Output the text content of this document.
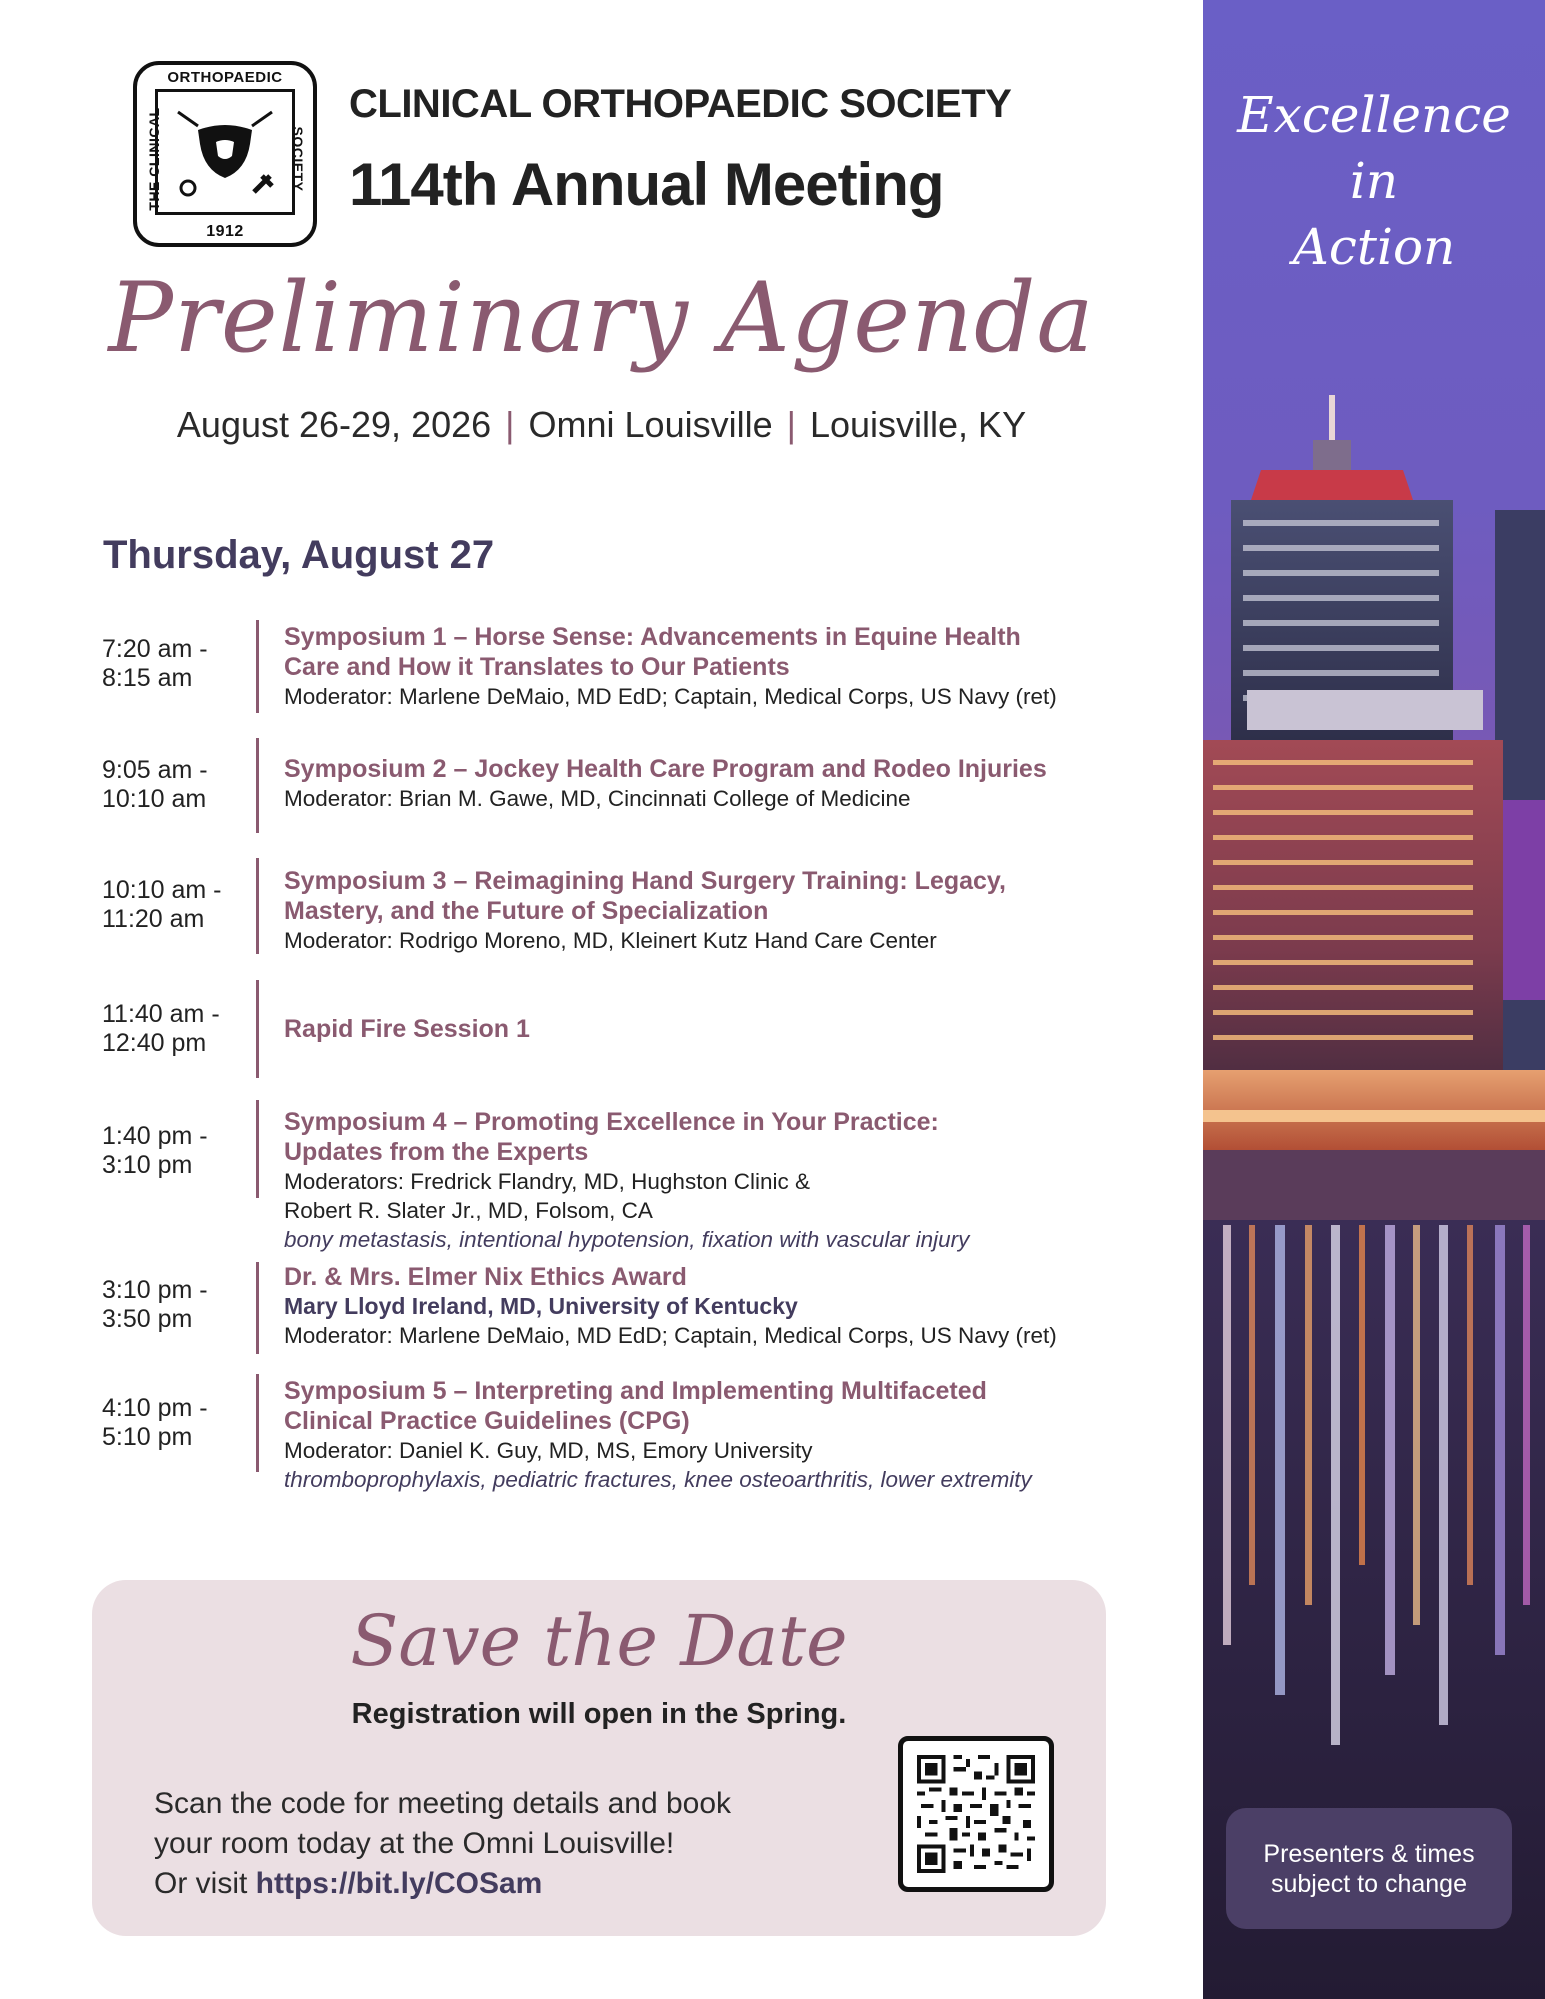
ORTHOPAEDIC
THE CLINICAL	SOCIETY
1912
CLINICAL ORTHOPAEDIC SOCIETY
114th Annual Meeting
Preliminary Agenda
August 26-29, 2026 | Omni Louisville | Louisville, KY
Thursday, August 27
7:20 am -
8:15 am
Symposium 1 – Horse Sense: Advancements in Equine Health
Care and How it Translates to Our Patients
Moderator: Marlene DeMaio, MD EdD; Captain, Medical Corps, US Navy (ret)
9:05 am -
10:10 am
Symposium 2 – Jockey Health Care Program and Rodeo Injuries
Moderator: Brian M. Gawe, MD, Cincinnati College of Medicine
10:10 am -
11:20 am
Symposium 3 – Reimagining Hand Surgery Training: Legacy,
Mastery, and the Future of Specialization
Moderator: Rodrigo Moreno, MD, Kleinert Kutz Hand Care Center
11:40 am -
12:40 pm	Rapid Fire Session 1
1:40 pm -
3:10 pm
Symposium 4 – Promoting Excellence in Your Practice:
Updates from the Experts
Moderators: Fredrick Flandry, MD, Hughston Clinic &
Robert R. Slater Jr., MD, Folsom, CA
bony metastasis, intentional hypotension, fixation with vascular injury
3:10 pm -
3:50 pm
Dr. & Mrs. Elmer Nix Ethics Award
Mary Lloyd Ireland, MD, University of Kentucky
Moderator: Marlene DeMaio, MD EdD; Captain, Medical Corps, US Navy (ret)
4:10 pm -
5:10 pm
Symposium 5 – Interpreting and Implementing Multifaceted
Clinical Practice Guidelines (CPG)
Moderator: Daniel K. Guy, MD, MS, Emory University
thromboprophylaxis, pediatric fractures, knee osteoarthritis, lower extremity
Save the Date
Registration will open in the Spring.
Scan the code for meeting details and book
your room today at the Omni Louisville!
Or visit https://bit.ly/COSam
Excellence
in
Action
Presenters & times
subject to change
